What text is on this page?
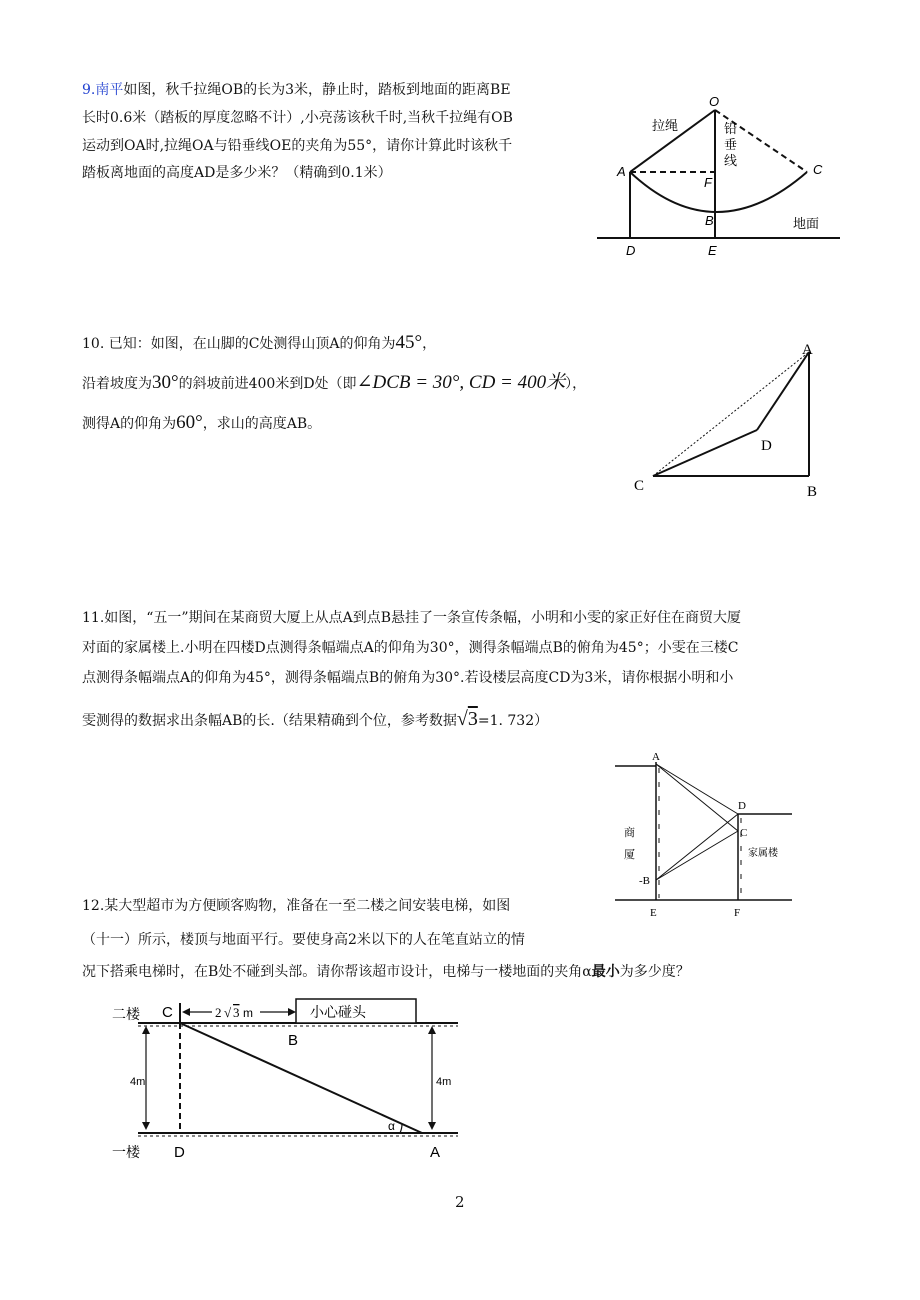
9.南平如图，秋千拉绳OB的长为3米，静止时，踏板到地面的距离BE
长时0.6米（踏板的厚度忽略不计）,小亮荡该秋千时,当秋千拉绳有OB
运动到OA时,拉绳OA与铅垂线OE的夹角为55°，请你计算此时该秋千
踏板离地面的高度AD是多少米？（精确到0.1米）
O
A	C
F
B
D	E
拉绳	铅
垂
线
地面
10. 已知：如图，在山脚的C处测得山顶A的仰角为45°，
沿着坡度为30°的斜坡前进400米到D处（即∠DCB = 30°, CD = 400米），
测得A的仰角为60°，求山的高度AB。
A
B
C
D
11.如图，“五一”期间在某商贸大厦上从点A到点B悬挂了一条宣传条幅，小明和小雯的家正好住在商贸大厦
对面的家属楼上.小明在四楼D点测得条幅端点A的仰角为30°，测得条幅端点B的俯角为45°；小雯在三楼C
点测得条幅端点A的仰角为45°，测得条幅端点B的俯角为30°.若设楼层高度CD为3米，请你根据小明和小
雯测得的数据求出条幅AB的长.（结果精确到个位，参考数据√3=1. 732）
A
-B
C
D
E	F
商
厦	家属楼
12.某大型超市为方便顾客购物，准备在一至二楼之间安装电梯，如图
（十一）所示，楼顶与地面平行。要使身高2米以下的人在笔直站立的情
况下搭乘电梯时，在B处不碰到头部。请你帮该超市设计，电梯与一楼地面的夹角α最小为多少度？
二楼
一楼
C
B
D	A
2 √ 3 m	小心碰头
4m	4m
α
2
